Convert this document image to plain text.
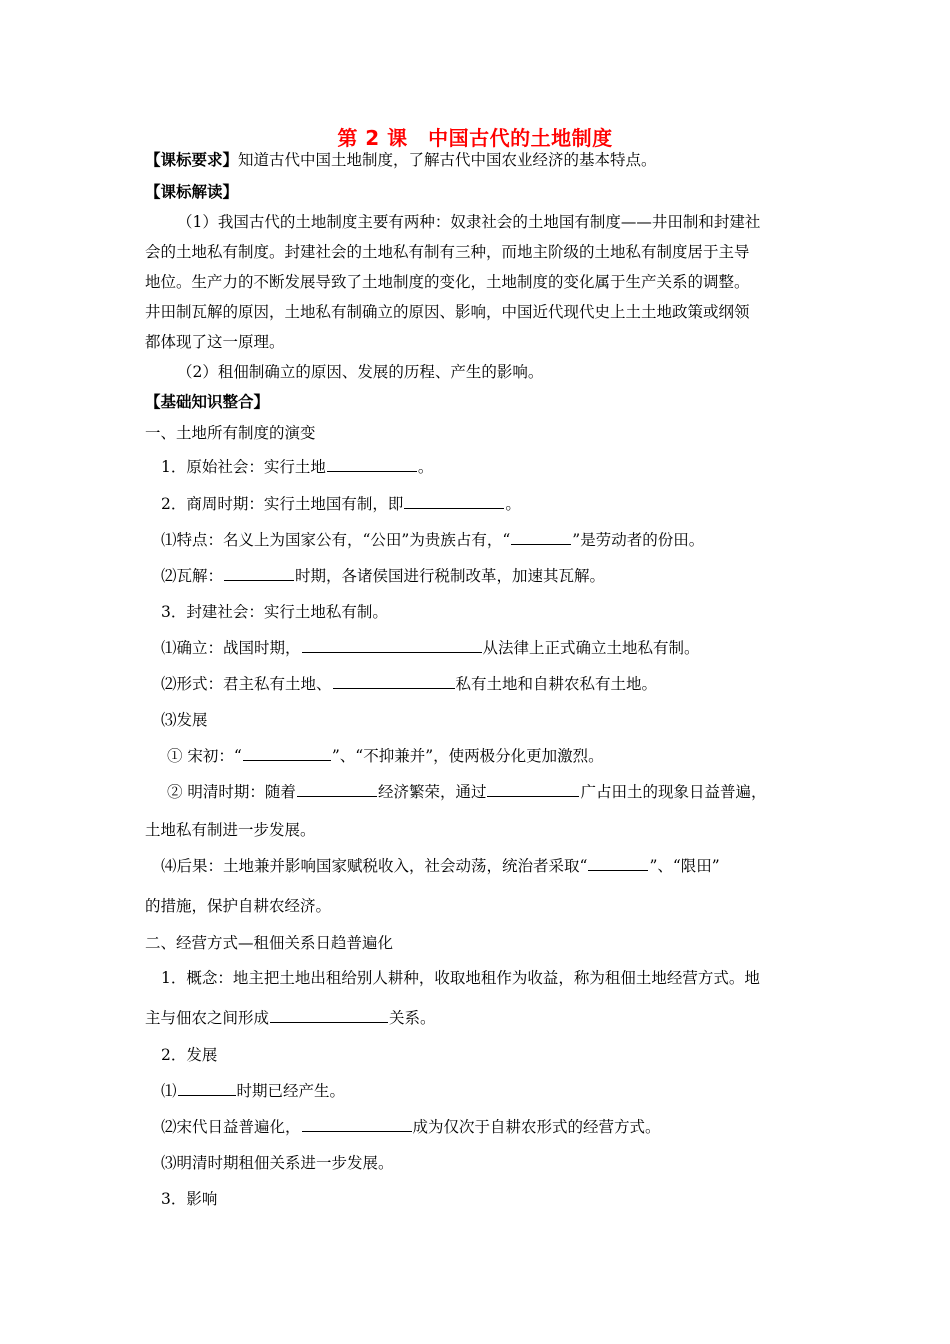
第 2 课　中国古代的土地制度
【课标要求】知道古代中国土地制度，了解古代中国农业经济的基本特点。
【课标解读】
（1）我国古代的土地制度主要有两种：奴隶社会的土地国有制度——井田制和封建社
会的土地私有制度。封建社会的土地私有制有三种，而地主阶级的土地私有制度居于主导
地位。生产力的不断发展导致了土地制度的变化，土地制度的变化属于生产关系的调整。
井田制瓦解的原因，土地私有制确立的原因、影响，中国近代现代史上土土地政策或纲领
都体现了这一原理。
（2）租佃制确立的原因、发展的历程、产生的影响。
【基础知识整合】
一、土地所有制度的演变
1．原始社会：实行土地	。
2．商周时期：实行土地国有制，即	。
⑴特点：名义上为国家公有，“公田”为贵族占有，“	”是劳动者的份田。
⑵瓦解：	时期，各诸侯国进行税制改革，加速其瓦解。
3．封建社会：实行土地私有制。
⑴确立：战国时期，	从法律上正式确立土地私有制。
⑵形式：君主私有土地、	私有土地和自耕农私有土地。
⑶发展
① 宋初：“	”、“不抑兼并”，使两极分化更加激烈。
② 明清时期：随着	经济繁荣，通过	广占田土的现象日益普遍，
土地私有制进一步发展。
⑷后果：土地兼并影响国家赋税收入，社会动荡，统治者采取“	”、“限田”
的措施，保护自耕农经济。
二、经营方式—租佃关系日趋普遍化
1．概念：地主把土地出租给别人耕种，收取地租作为收益，称为租佃土地经营方式。地
主与佃农之间形成	关系。
2．发展
⑴	时期已经产生。
⑵宋代日益普遍化，	成为仅次于自耕农形式的经营方式。
⑶明清时期租佃关系进一步发展。
3．影响
